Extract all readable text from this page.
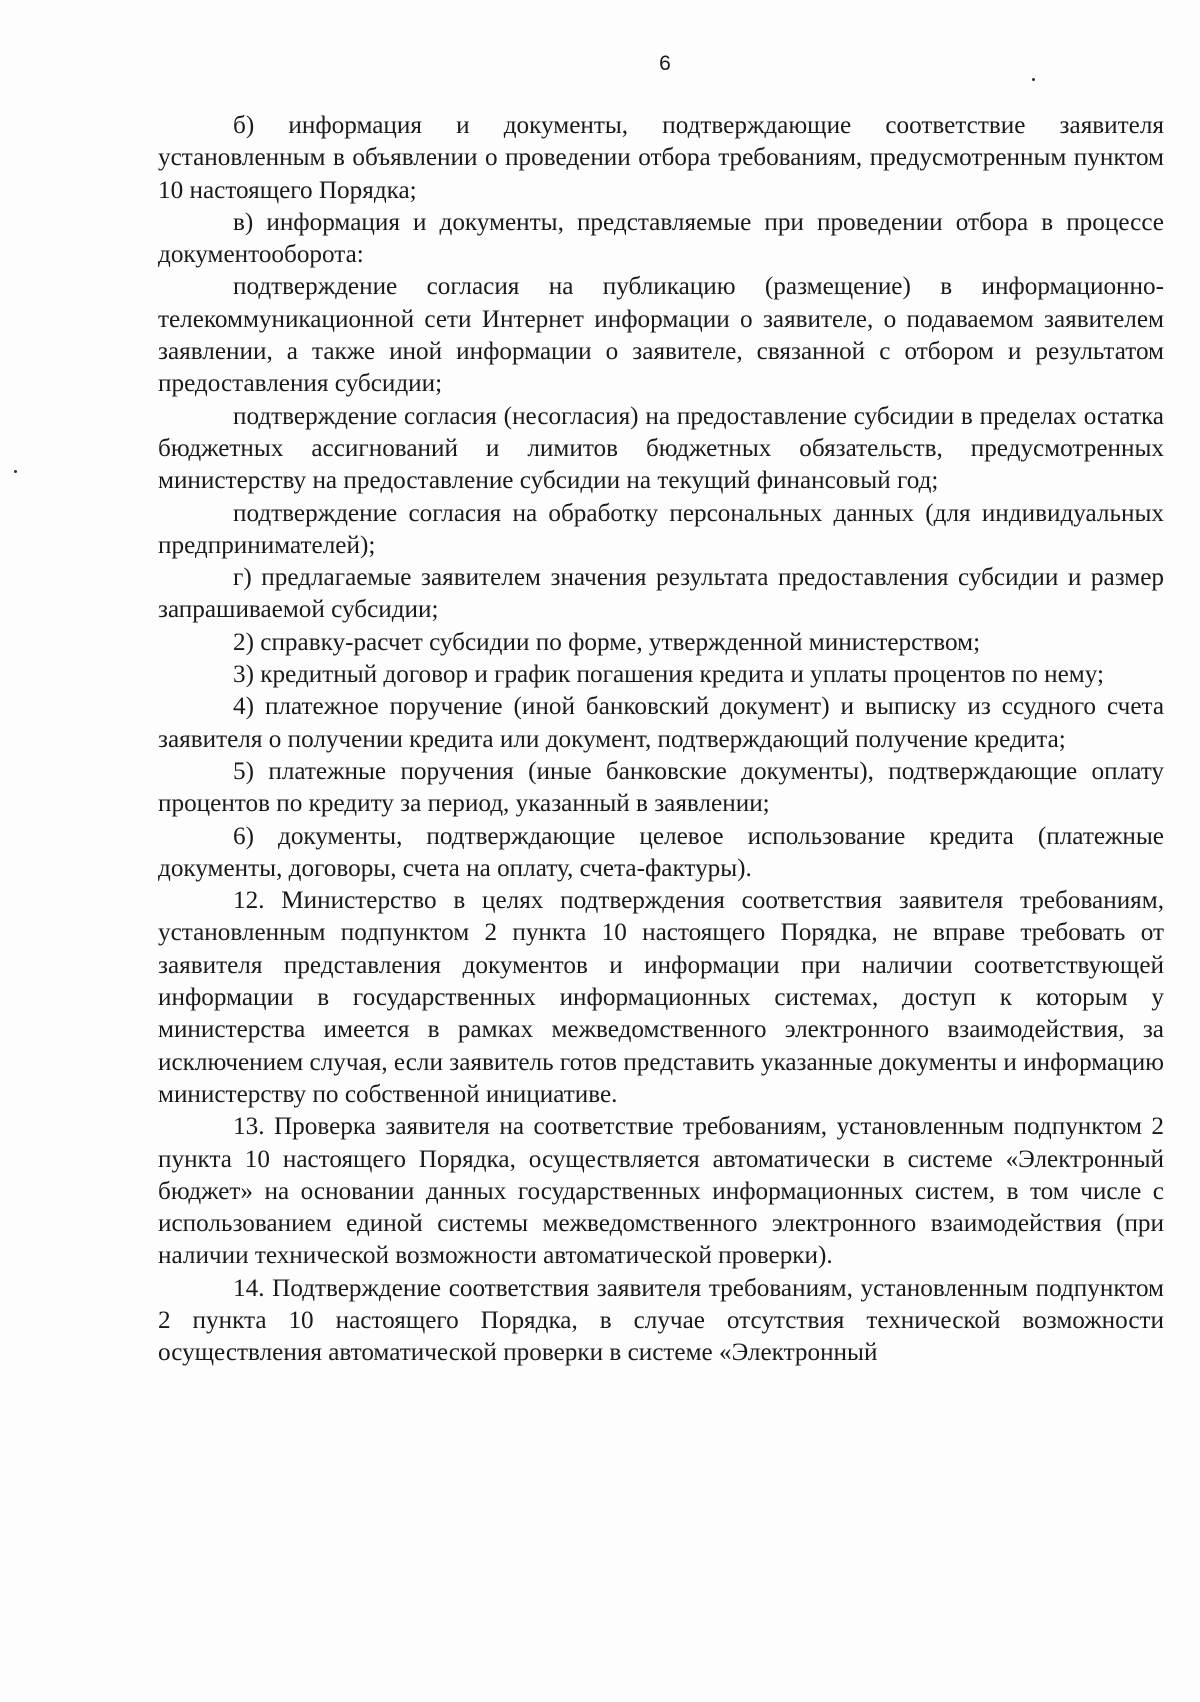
6

б) информация и документы, подтверждающие соответствие заявителя установленным в объявлении о проведении отбора требованиям, предусмотренным пунктом 10 настоящего Порядка;

в) информация и документы, представляемые при проведении отбора в процессе документооборота:

подтверждение согласия на публикацию (размещение) в информационно-телекоммуникационной сети Интернет информации о заявителе, о подаваемом заявителем заявлении, а также иной информации о заявителе, связанной с отбором и результатом предоставления субсидии;

подтверждение согласия (несогласия) на предоставление субсидии в пределах остатка бюджетных ассигнований и лимитов бюджетных обязательств, предусмотренных министерству на предоставление субсидии на текущий финансовый год;

подтверждение согласия на обработку персональных данных (для индивидуальных предпринимателей);

г) предлагаемые заявителем значения результата предоставления субсидии и размер запрашиваемой субсидии;

2) справку-расчет субсидии по форме, утвержденной министерством;

3) кредитный договор и график погашения кредита и уплаты процентов по нему;

4) платежное поручение (иной банковский документ) и выписку из ссудного счета заявителя о получении кредита или документ, подтверждающий получение кредита;

5) платежные поручения (иные банковские документы), подтверждающие оплату процентов по кредиту за период, указанный в заявлении;

6) документы, подтверждающие целевое использование кредита (платежные документы, договоры, счета на оплату, счета-фактуры).

12. Министерство в целях подтверждения соответствия заявителя требованиям, установленным подпунктом 2 пункта 10 настоящего Порядка, не вправе требовать от заявителя представления документов и информации при наличии соответствующей информации в государственных информационных системах, доступ к которым у министерства имеется в рамках межведомственного электронного взаимодействия, за исключением случая, если заявитель готов представить указанные документы и информацию министерству по собственной инициативе.

13. Проверка заявителя на соответствие требованиям, установленным подпунктом 2 пункта 10 настоящего Порядка, осуществляется автоматически в системе «Электронный бюджет» на основании данных государственных информационных систем, в том числе с использованием единой системы межведомственного электронного взаимодействия (при наличии технической возможности автоматической проверки).

14. Подтверждение соответствия заявителя требованиям, установленным подпунктом 2 пункта 10 настоящего Порядка, в случае отсутствия технической возможности осуществления автоматической проверки в системе «Электронный
